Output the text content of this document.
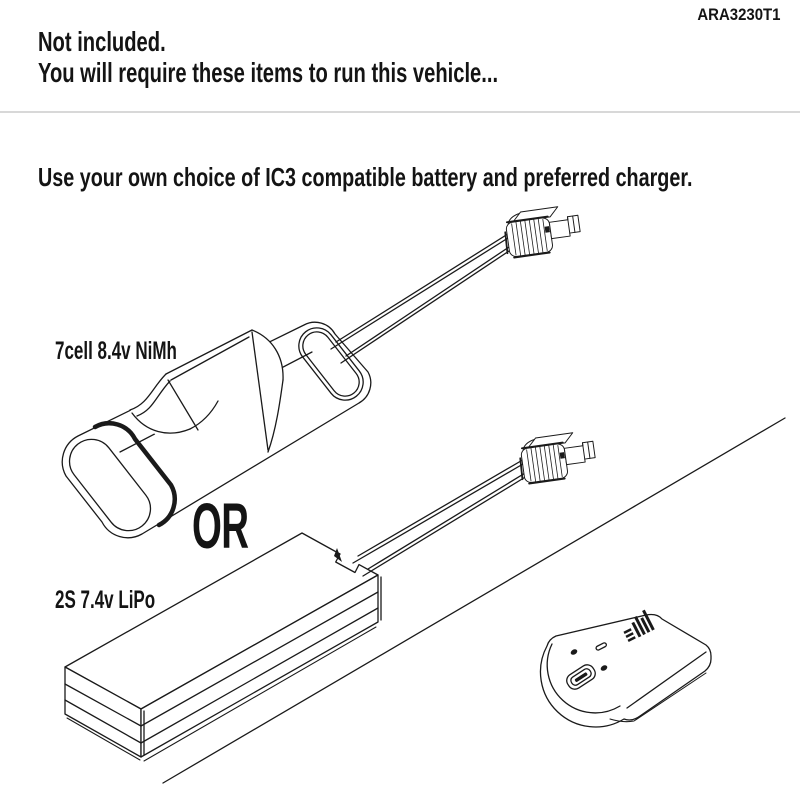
ARA3230T1
Not included.
You will require these items to run this vehicle...
Use your own choice of IC3 compatible battery and preferred charger.
7cell 8.4v NiMh
OR
2S 7.4v LiPo
